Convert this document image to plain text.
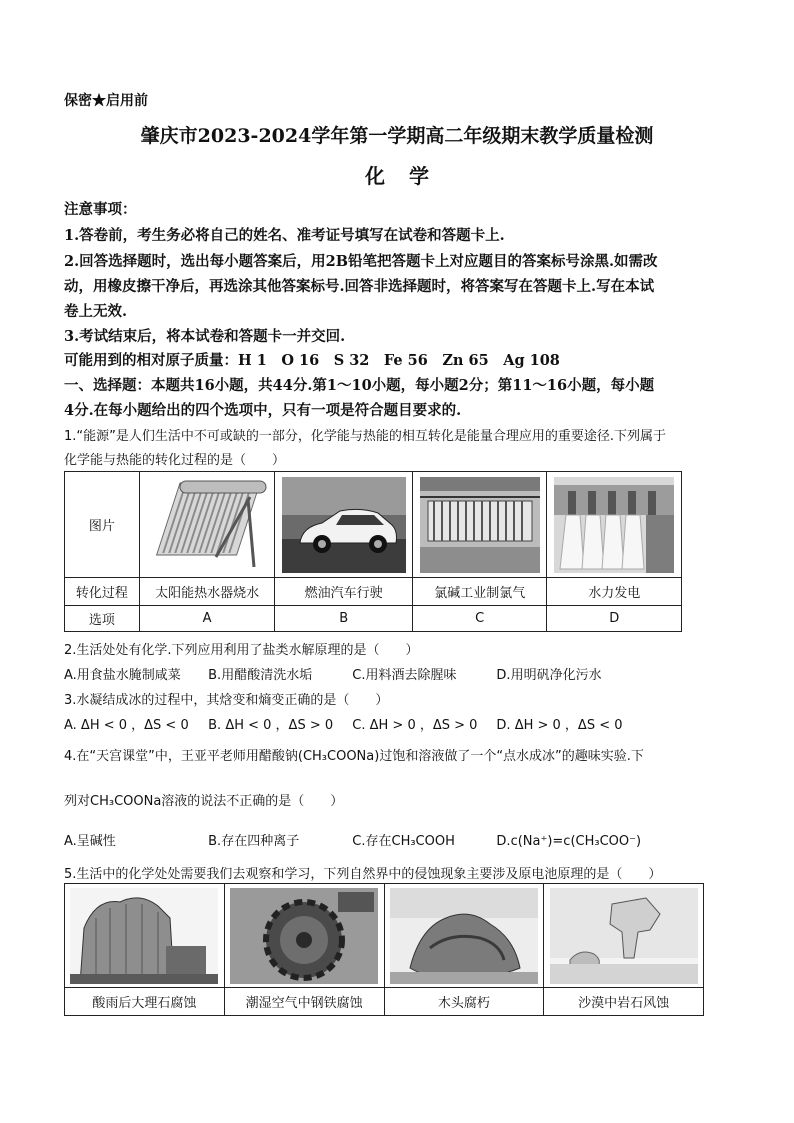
保密★启用前
肇庆市2023-2024学年第一学期高二年级期末教学质量检测
化学
注意事项：
1.答卷前，考生务必将自己的姓名、准考证号填写在试卷和答题卡上.
2.回答选择题时，选出每小题答案后，用2B铅笔把答题卡上对应题目的答案标号涂黑.如需改
动，用橡皮擦干净后，再选涂其他答案标号.回答非选择题时，将答案写在答题卡上.写在本试
卷上无效.
3.考试结束后，将本试卷和答题卡一并交回.
可能用到的相对原子质量：H 1　O 16　S 32　Fe 56　Zn 65　Ag 108
一、选择题：本题共16小题，共44分.第1～10小题，每小题2分；第11～16小题，每小题
4分.在每小题给出的四个选项中，只有一项是符合题目要求的.
1.“能源”是人们生活中不可或缺的一部分，化学能与热能的相互转化是能量合理应用的重要途径.下列属于
化学能与热能的转化过程的是（　　）
图片	

转化过程	太阳能热水器烧水	燃油汽车行驶	氯碱工业制氯气	水力发电
选项	A	B	C	D
2.生活处处有化学.下列应用利用了盐类水解原理的是（　　）
A.用食盐水腌制咸菜 B.用醋酸清洗水垢	C.用料酒去除腥味	D.用明矾净化污水
3.水凝结成冰的过程中，其焓变和熵变正确的是（　　）
A. ΔH < 0 ，ΔS < 0 B. ΔH < 0 ，ΔS > 0 C. ΔH > 0 ，ΔS > 0 D. ΔH > 0 ，ΔS < 0
4.在“天宫课堂”中，王亚平老师用醋酸钠(CH₃COONa)过饱和溶液做了一个“点水成冰”的趣味实验.下
列对CH₃COONa溶液的说法不正确的是（　　）
A.呈碱性	B.存在四种离子	C.存在CH₃COOH	D.c(Na⁺)=c(CH₃COO⁻)
5.生活中的化学处处需要我们去观察和学习，下列自然界中的侵蚀现象主要涉及原电池原理的是（　　）

酸雨后大理石腐蚀	潮湿空气中钢铁腐蚀	木头腐朽	沙漠中岩石风蚀
